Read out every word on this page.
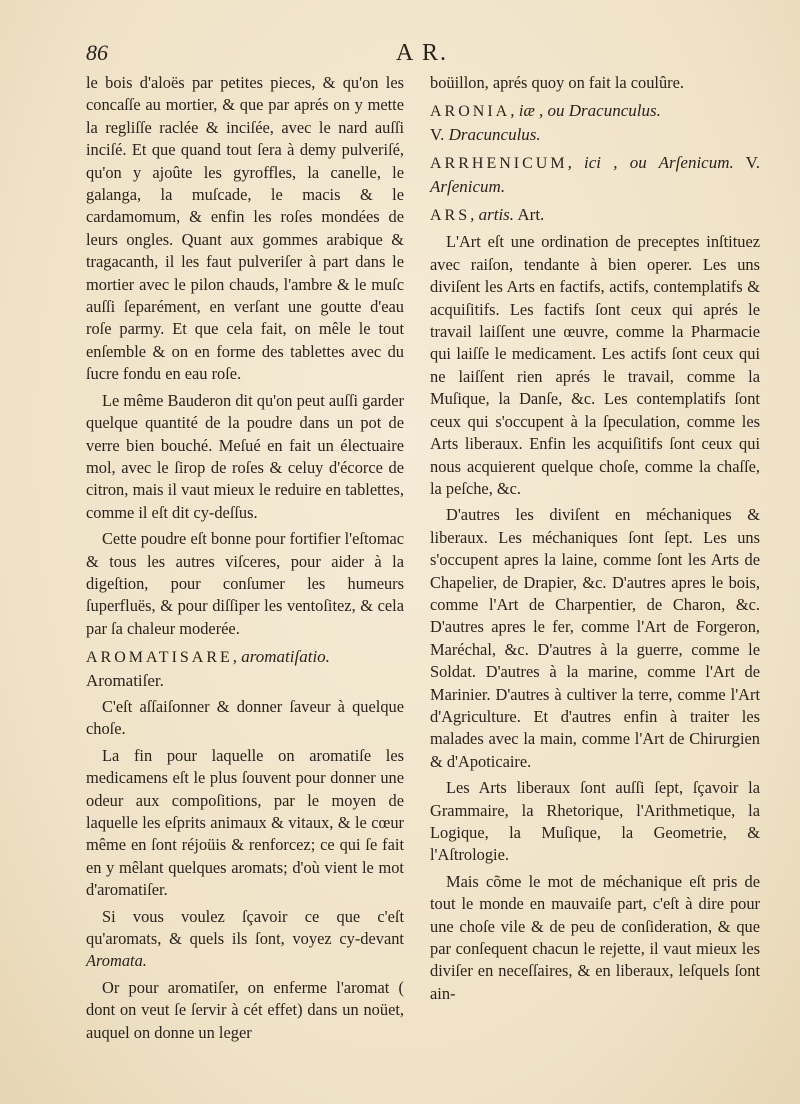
86	A R.

le bois d'aloës par petites pieces, & qu'on les concaſſe au mortier, & que par aprés on y mette la regliſſe raclée & inciſée, avec le nard auſſi inciſé. Et que quand tout ſera à demy pulveriſé, qu'on y ajoûte les gyroffles, la canelle, le galanga, la muſcade, le macis & le cardamomum, & enfin les roſes mondées de leurs ongles. Quant aux gommes arabique & tragacanth, il les faut pulveriſer à part dans le mortier avec le pilon chauds, l'ambre & le muſc auſſi ſeparément, en verſant une goutte d'eau roſe parmy. Et que cela fait, on mêle le tout enſemble & on en forme des tablettes avec du ſucre fondu en eau roſe.

Le même Bauderon dit qu'on peut auſſi garder quelque quantité de la poudre dans un pot de verre bien bouché. Meſué en fait un électuaire mol, avec le ſirop de roſes & celuy d'écorce de citron, mais il vaut mieux le reduire en tablettes, comme il eſt dit cy-deſſus.

Cette poudre eſt bonne pour fortifier l'eſtomac & tous les autres viſceres, pour aider à la digeſtion, pour conſumer les humeurs ſuperfluës, & pour diſſiper les ventoſitez, & cela par ſa chaleur moderée.

AROMATISARE, aromatiſatio.
Aromatiſer.

C'eſt aſſaiſonner & donner ſaveur à quelque choſe.

La fin pour laquelle on aromatiſe les medicamens eſt le plus ſouvent pour donner une odeur aux compoſitions, par le moyen de laquelle les eſprits animaux & vitaux, & le cœur même en ſont réjoüis & renforcez; ce qui ſe fait en y mêlant quelques aromats; d'où vient le mot d'aromatiſer.

Si vous voulez ſçavoir ce que c'eſt qu'aromats, & quels ils ſont, voyez cy-devant Aromata.

Or pour aromatiſer, on enferme l'aromat ( dont on veut ſe ſervir à cét effet) dans un noüet, auquel on donne un leger

boüillon, aprés quoy on fait la coulûre.

ARONIA, iæ , ou Dracunculus.
V. Dracunculus.

ARRHENICUM, ici , ou Arſenicum. V. Arſenicum.

ARS, artis. Art.

L'Art eſt une ordination de preceptes inſtituez avec raiſon, tendante à bien operer. Les uns diviſent les Arts en factifs, actifs, contemplatifs & acquiſitifs. Les factifs ſont ceux qui aprés le travail laiſſent une œuvre, comme la Pharmacie qui laiſſe le medicament. Les actifs ſont ceux qui ne laiſſent rien aprés le travail, comme la Muſique, la Danſe, &c. Les contemplatifs ſont ceux qui s'occupent à la ſpeculation, comme les Arts liberaux. Enfin les acquiſitifs ſont ceux qui nous acquierent quelque choſe, comme la chaſſe, la peſche, &c.

D'autres les diviſent en méchaniques & liberaux. Les méchaniques ſont ſept. Les uns s'occupent apres la laine, comme ſont les Arts de Chapelier, de Drapier, &c. D'autres apres le bois, comme l'Art de Charpentier, de Charon, &c. D'autres apres le fer, comme l'Art de Forgeron, Maréchal, &c. D'autres à la guerre, comme le Soldat. D'autres à la marine, comme l'Art de Marinier. D'autres à cultiver la terre, comme l'Art d'Agriculture. Et d'autres enfin à traiter les malades avec la main, comme l'Art de Chirurgien & d'Apoticaire.

Les Arts liberaux ſont auſſi ſept, ſçavoir la Grammaire, la Rhetorique, l'Arithmetique, la Logique, la Muſique, la Geometrie, & l'Aſtrologie.

Mais cõme le mot de méchanique eſt pris de tout le monde en mauvaiſe part, c'eſt à dire pour une choſe vile & de peu de conſideration, & que par conſequent chacun le rejette, il vaut mieux les diviſer en neceſſaires, & en liberaux, leſquels ſont ain-
